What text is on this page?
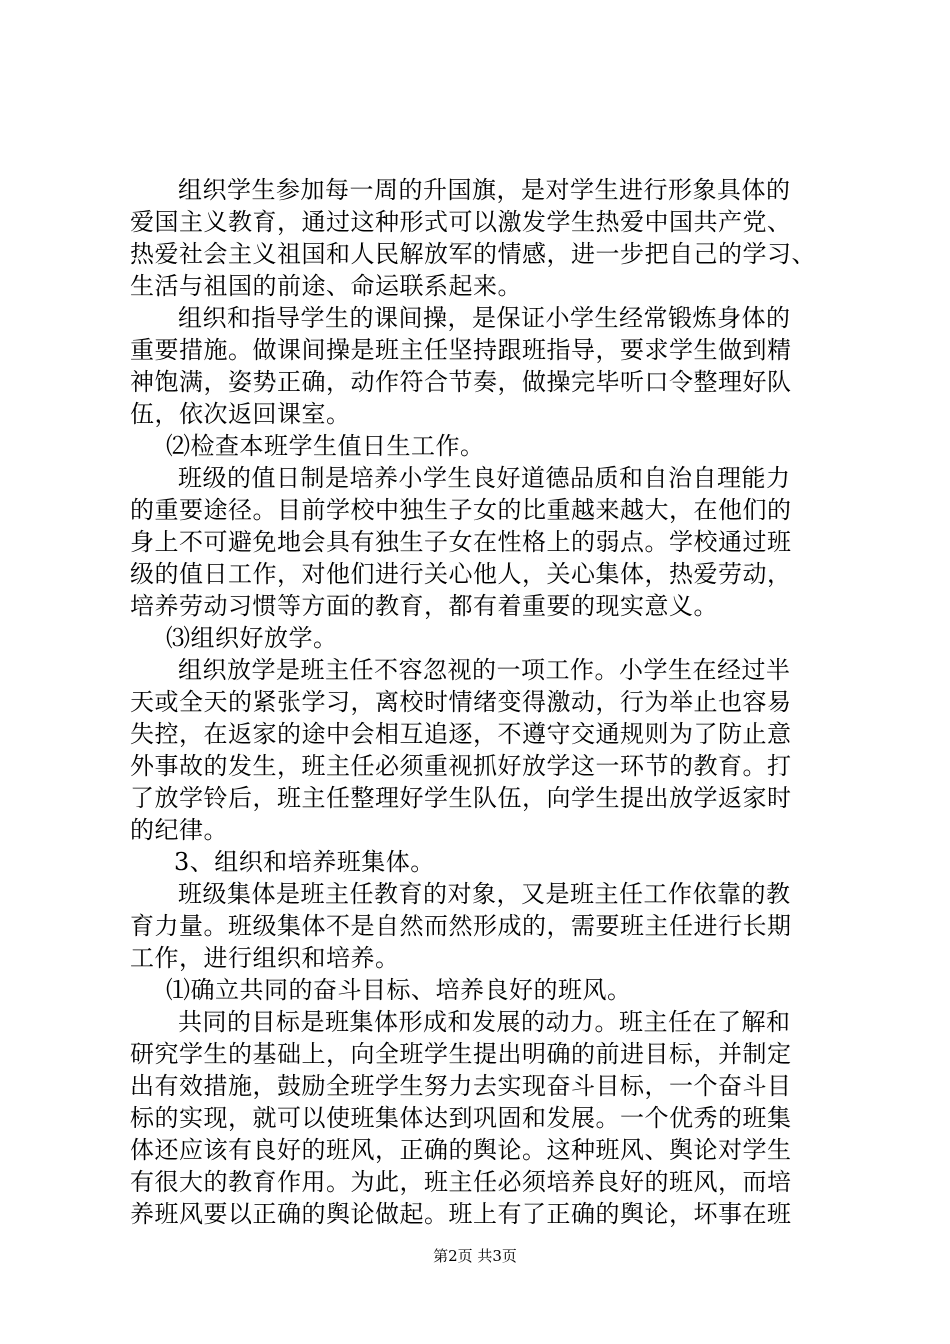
组织学生参加每一周的升国旗，是对学生进行形象具体的
爱国主义教育，通过这种形式可以激发学生热爱中国共产党、
热爱社会主义祖国和人民解放军的情感，进一步把自己的学习、
生活与祖国的前途、命运联系起来。
组织和指导学生的课间操，是保证小学生经常锻炼身体的
重要措施。做课间操是班主任坚持跟班指导，要求学生做到精
神饱满，姿势正确，动作符合节奏，做操完毕听口令整理好队
伍，依次返回课室。
⑵检查本班学生值日生工作。
班级的值日制是培养小学生良好道德品质和自治自理能力
的重要途径。目前学校中独生子女的比重越来越大，在他们的
身上不可避免地会具有独生子女在性格上的弱点。学校通过班
级的值日工作，对他们进行关心他人，关心集体，热爱劳动，
培养劳动习惯等方面的教育，都有着重要的现实意义。
⑶组织好放学。
组织放学是班主任不容忽视的一项工作。小学生在经过半
天或全天的紧张学习，离校时情绪变得激动，行为举止也容易
失控，在返家的途中会相互追逐，不遵守交通规则为了防止意
外事故的发生，班主任必须重视抓好放学这一环节的教育。打
了放学铃后，班主任整理好学生队伍，向学生提出放学返家时
的纪律。
3、组织和培养班集体。
班级集体是班主任教育的对象，又是班主任工作依靠的教
育力量。班级集体不是自然而然形成的，需要班主任进行长期
工作，进行组织和培养。
⑴确立共同的奋斗目标、培养良好的班风。
共同的目标是班集体形成和发展的动力。班主任在了解和
研究学生的基础上，向全班学生提出明确的前进目标，并制定
出有效措施，鼓励全班学生努力去实现奋斗目标，一个奋斗目
标的实现，就可以使班集体达到巩固和发展。一个优秀的班集
体还应该有良好的班风，正确的舆论。这种班风、舆论对学生
有很大的教育作用。为此，班主任必须培养良好的班风，而培
养班风要以正确的舆论做起。班上有了正确的舆论，坏事在班
第2页 共3页
